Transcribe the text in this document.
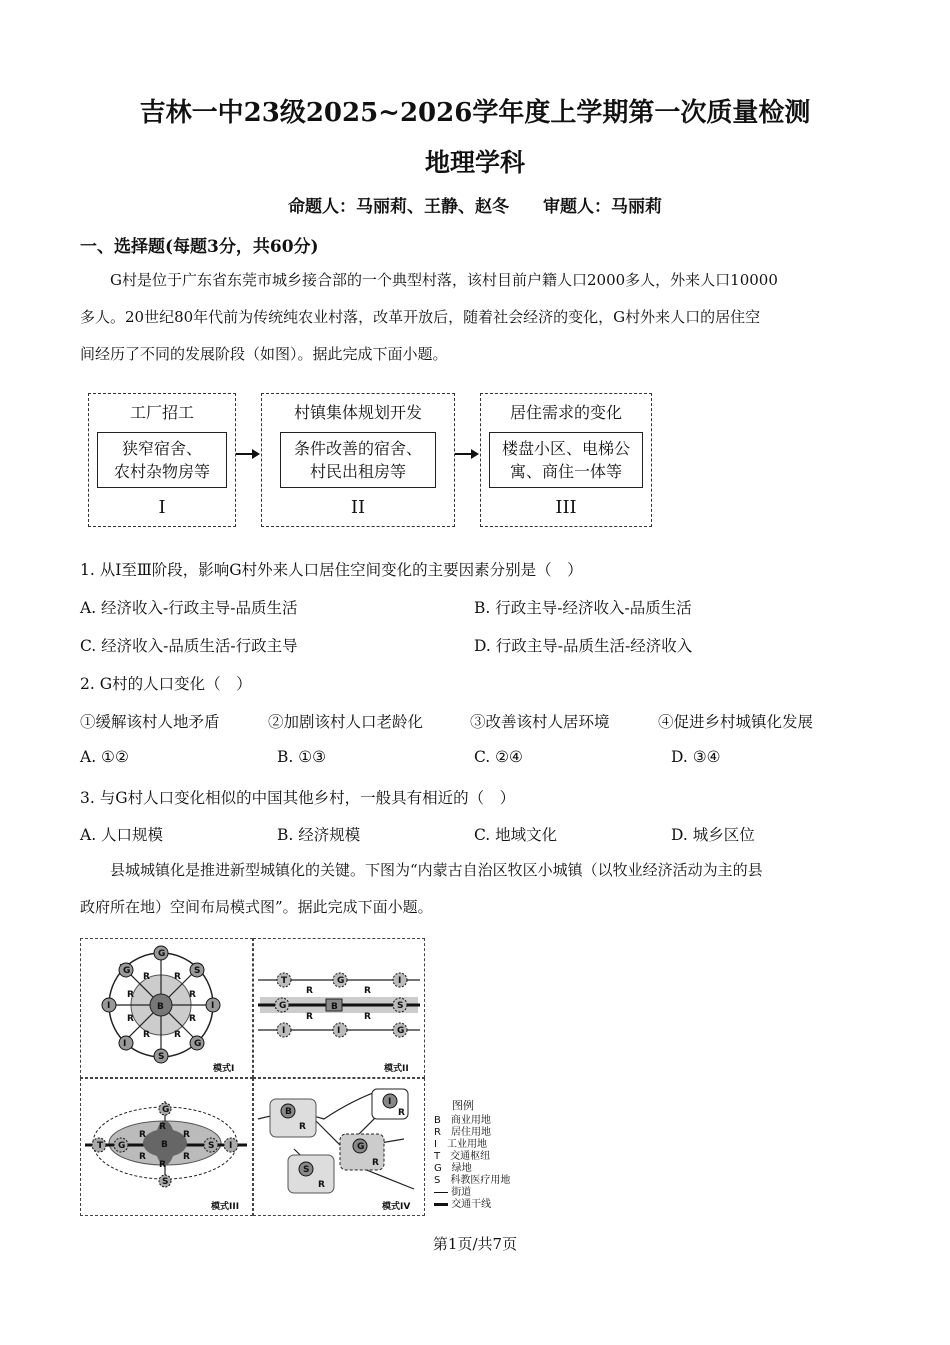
吉林一中23级2025~2026学年度上学期第一次质量检测
地理学科
命题人：马丽莉、王静、赵冬 审题人：马丽莉
一、选择题(每题3分，共60分)
G村是位于广东省东莞市城乡接合部的一个典型村落，该村目前户籍人口2000多人，外来人口10000
多人。20世纪80年代前为传统纯农业村落，改革开放后，随着社会经济的变化，G村外来人口的居住空
间经历了不同的发展阶段（如图）。据此完成下面小题。
工厂招工
狭窄宿舍、
农村杂物房等
I
村镇集体规划开发
条件改善的宿舍、
村民出租房等
II
居住需求的变化
楼盘小区、电梯公
寓、商住一体等
III
1. 从Ⅰ至Ⅲ阶段，影响G村外来人口居住空间变化的主要因素分别是（　）
A. 经济收入-行政主导-品质生活	B. 行政主导-经济收入-品质生活
C. 经济收入-品质生活-行政主导	D. 行政主导-品质生活-经济收入
2. G村的人口变化（　）
①缓解该村人地矛盾	②加剧该村人口老龄化	③改善该村人居环境	④促进乡村城镇化发展
A. ①②	B. ①③	C. ②④	D. ③④
3. 与G村人口变化相似的中国其他乡村，一般具有相近的（　）
A. 人口规模	B. 经济规模	C. 地域文化	D. 城乡区位
县城城镇化是推进新型城镇化的关键。下图为“内蒙古自治区牧区小城镇（以牧业经济活动为主的县
政府所在地）空间布局模式图”。据此完成下面小题。
B
G	S
G
I	I
I	G
S
R	R
R	R
R	R
R	R
模式I
T	G	I
I	I	G
G	B	S
R	R
R	R
模式II
G	S I
T
G
S
B
R	R
R	R
R
R
模式III
B
R
S
R
G
R
I
R
模式IV
图例
B　商业用地
R　居住用地
I　工业用地
T　交通枢纽
G　绿地
S　科教医疗用地
街道
交通干线
第1页/共7页
